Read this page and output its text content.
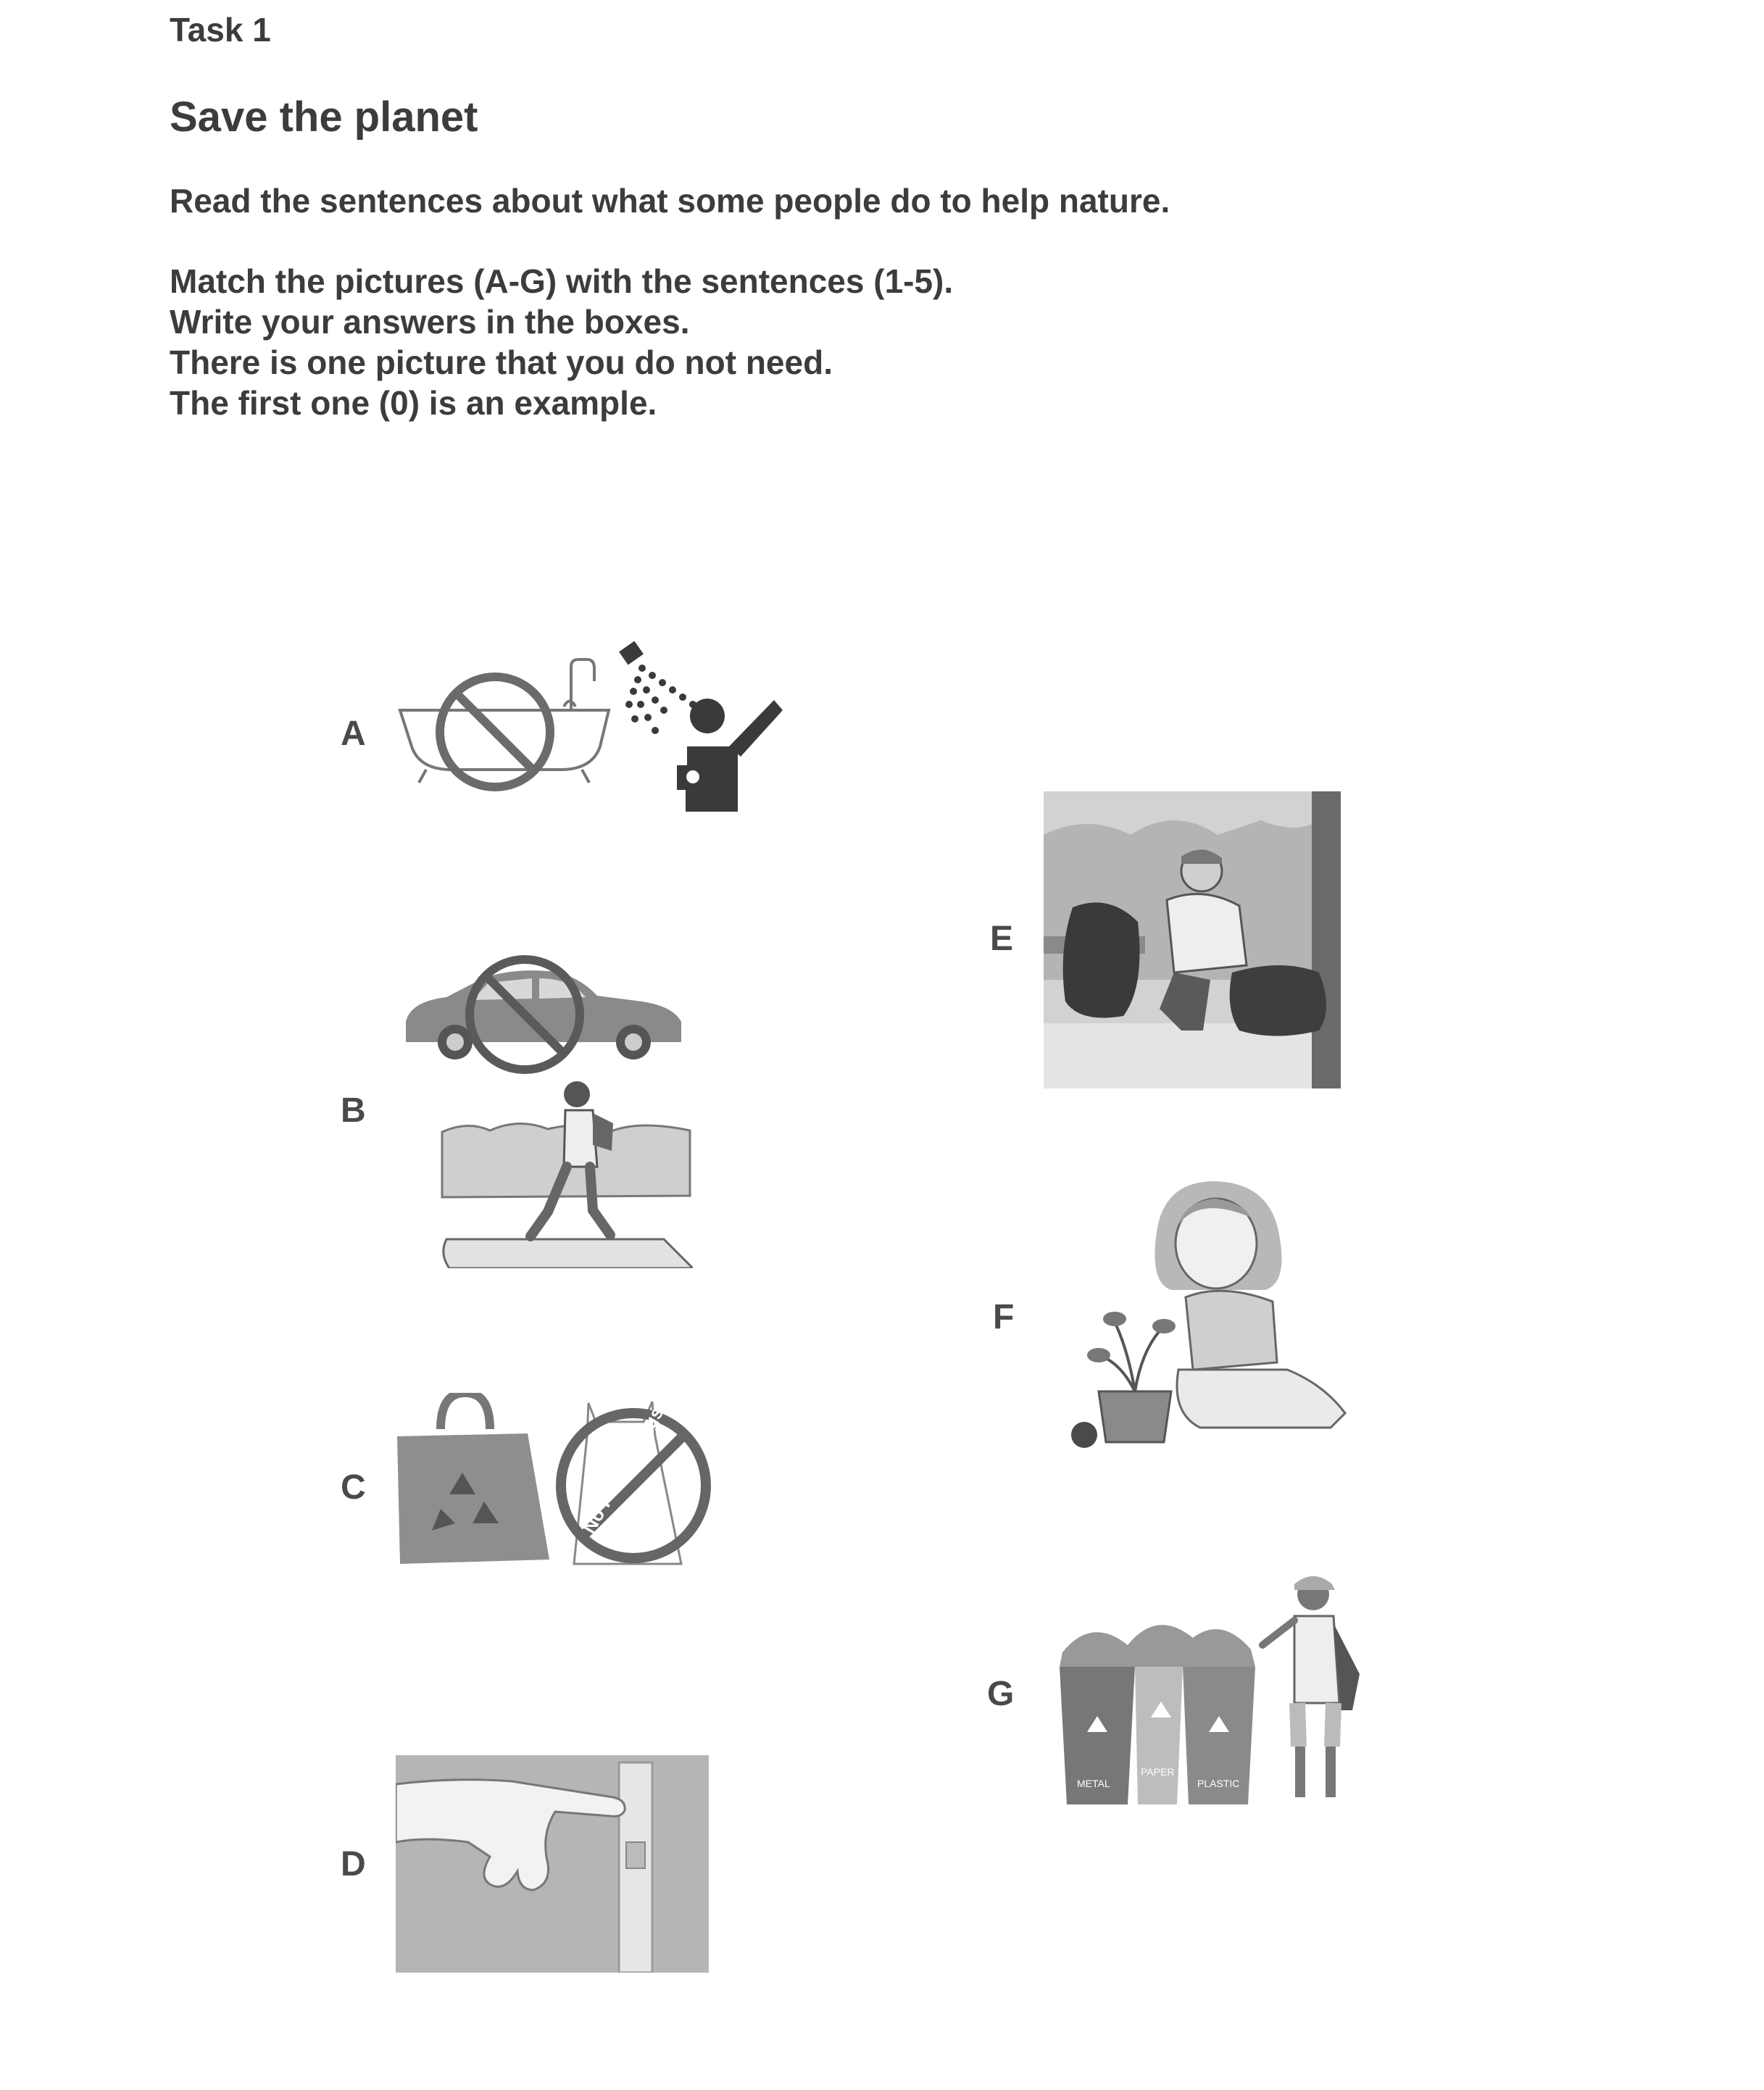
Task 1
Save the planet
Read the sentences about what some people do to help nature.
Match the pictures (A-G) with the sentences (1-5).
Write your answers in the boxes.
There is one picture that you do not need.
The first one (0) is an example.
A
B
C
D
E
F
G
No Plastic Bags
METAL
PAPER
PLASTIC
